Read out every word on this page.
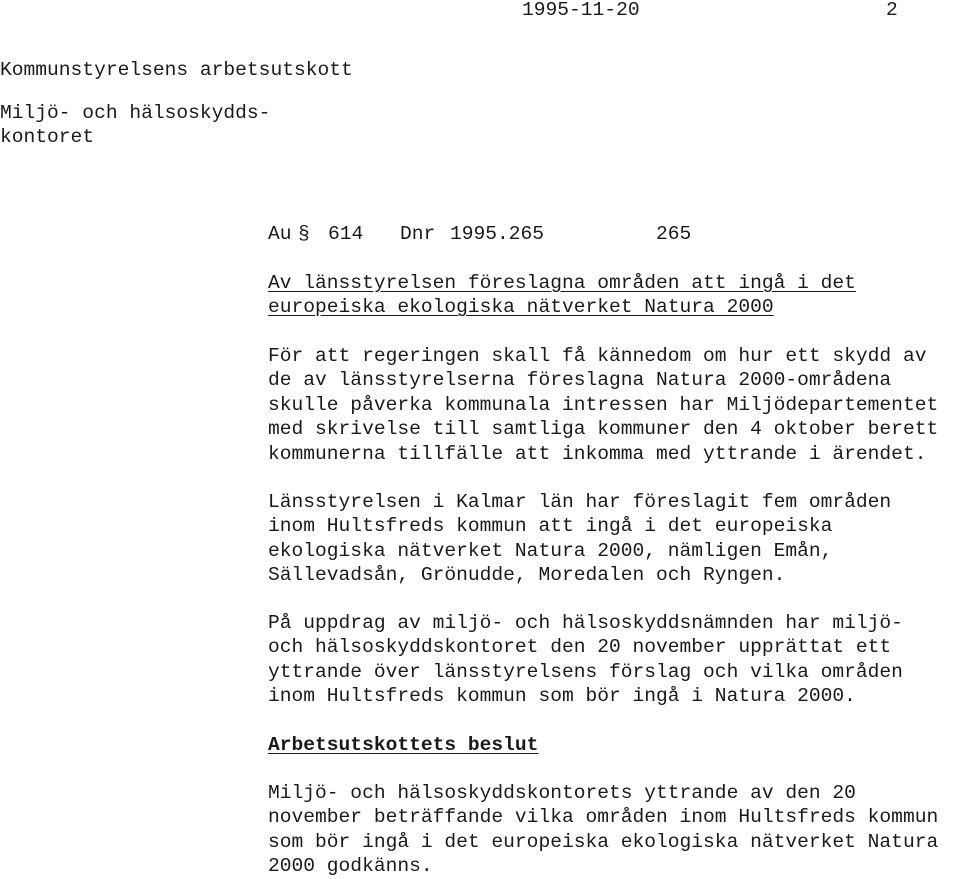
1995-11-20	2
Kommunstyrelsens arbetsutskott
Miljö- och hälsoskydds-
kontoret
Au § 614 Dnr 1995.265	265
Av länsstyrelsen föreslagna områden att ingå i det
europeiska ekologiska nätverket Natura 2000
För att regeringen skall få kännedom om hur ett skydd av
de av länsstyrelserna föreslagna Natura 2000-områdena
skulle påverka kommunala intressen har Miljödepartementet
med skrivelse till samtliga kommuner den 4 oktober berett
kommunerna tillfälle att inkomma med yttrande i ärendet.
Länsstyrelsen i Kalmar län har föreslagit fem områden
inom Hultsfreds kommun att ingå i det europeiska
ekologiska nätverket Natura 2000, nämligen Emån,
Sällevadsån, Grönudde, Moredalen och Ryngen.
På uppdrag av miljö- och hälsoskyddsnämnden har miljö-
och hälsoskyddskontoret den 20 november upprättat ett
yttrande över länsstyrelsens förslag och vilka områden
inom Hultsfreds kommun som bör ingå i Natura 2000.
Arbetsutskottets beslut
Miljö- och hälsoskyddskontorets yttrande av den 20
november beträffande vilka områden inom Hultsfreds kommun
som bör ingå i det europeiska ekologiska nätverket Natura
2000 godkänns.
